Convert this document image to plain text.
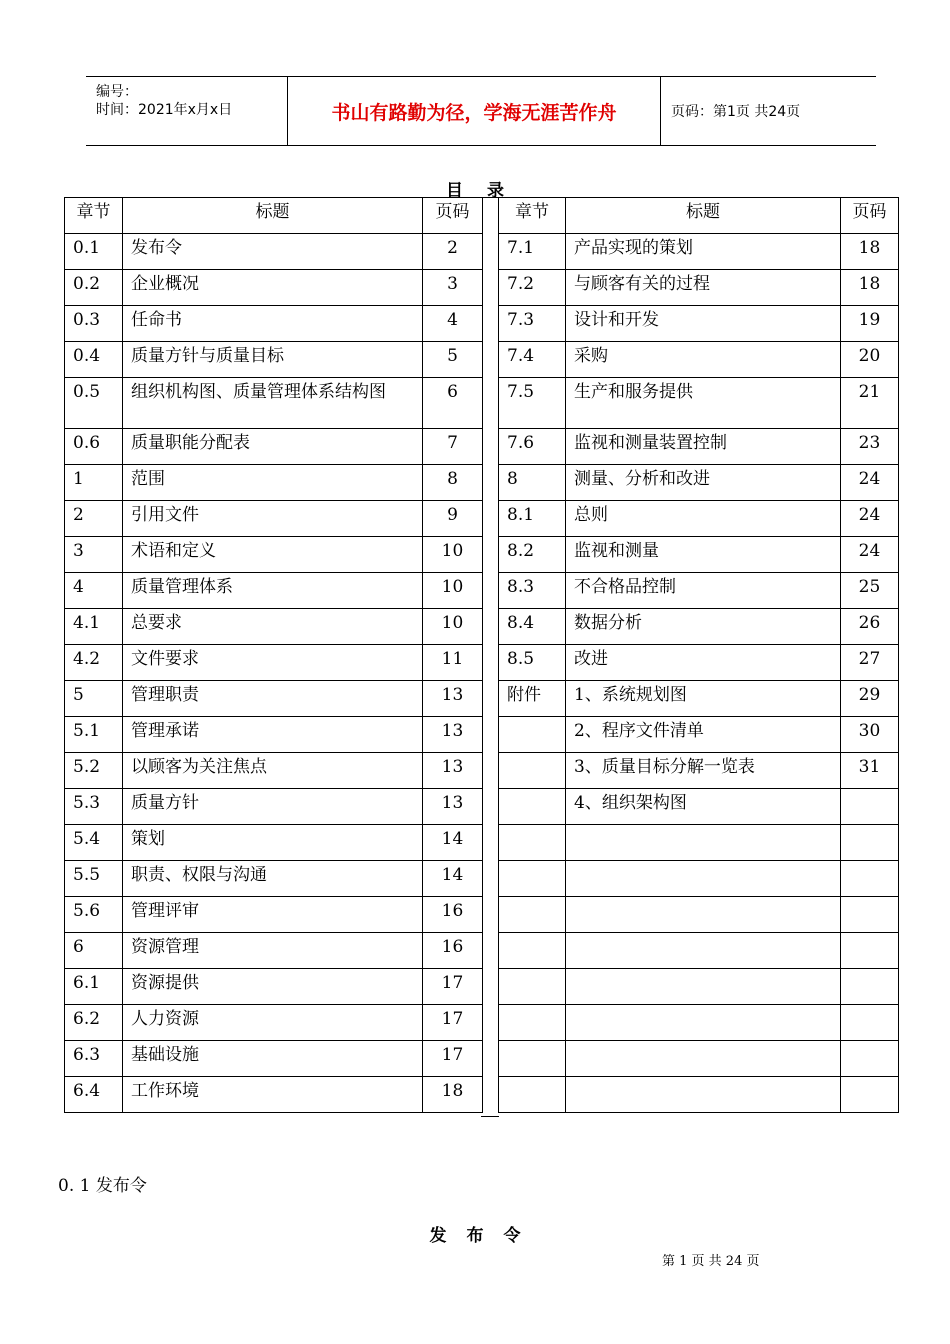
编号：
时间：2021年x月x日	书山有路勤为径，学海无涯苦作舟	页码：第1页 共24页
目录
章节	标题	页码
0.1	发布令	2
0.2	企业概况	3
0.3	任命书	4
0.4	质量方针与质量目标	5
0.5	组织机构图、质量管理体系结构图	6
0.6	质量职能分配表	7
1	范围	8
2	引用文件	9
3	术语和定义	10
4	质量管理体系	10
4.1	总要求	10
4.2	文件要求	11
5	管理职责	13
5.1	管理承诺	13
5.2	以顾客为关注焦点	13
5.3	质量方针	13
5.4	策划	14
5.5	职责、权限与沟通	14
5.6	管理评审	16
6	资源管理	16
6.1	资源提供	17
6.2	人力资源	17
6.3	基础设施	17
6.4	工作环境	18
章节	标题	页码
7.1	产品实现的策划	18
7.2	与顾客有关的过程	18
7.3	设计和开发	19
7.4	采购	20
7.5	生产和服务提供	21
7.6	监视和测量装置控制	23
8	测量、分析和改进	24
8.1	总则	24
8.2	监视和测量	24
8.3	不合格品控制	25
8.4	数据分析	26
8.5	改进	27
附件	1、系统规划图	29
	2、程序文件清单	30
	3、质量目标分解一览表	31
	4、组织架构图	

0. 1 发布令
发布令
第 1 页 共 24 页
